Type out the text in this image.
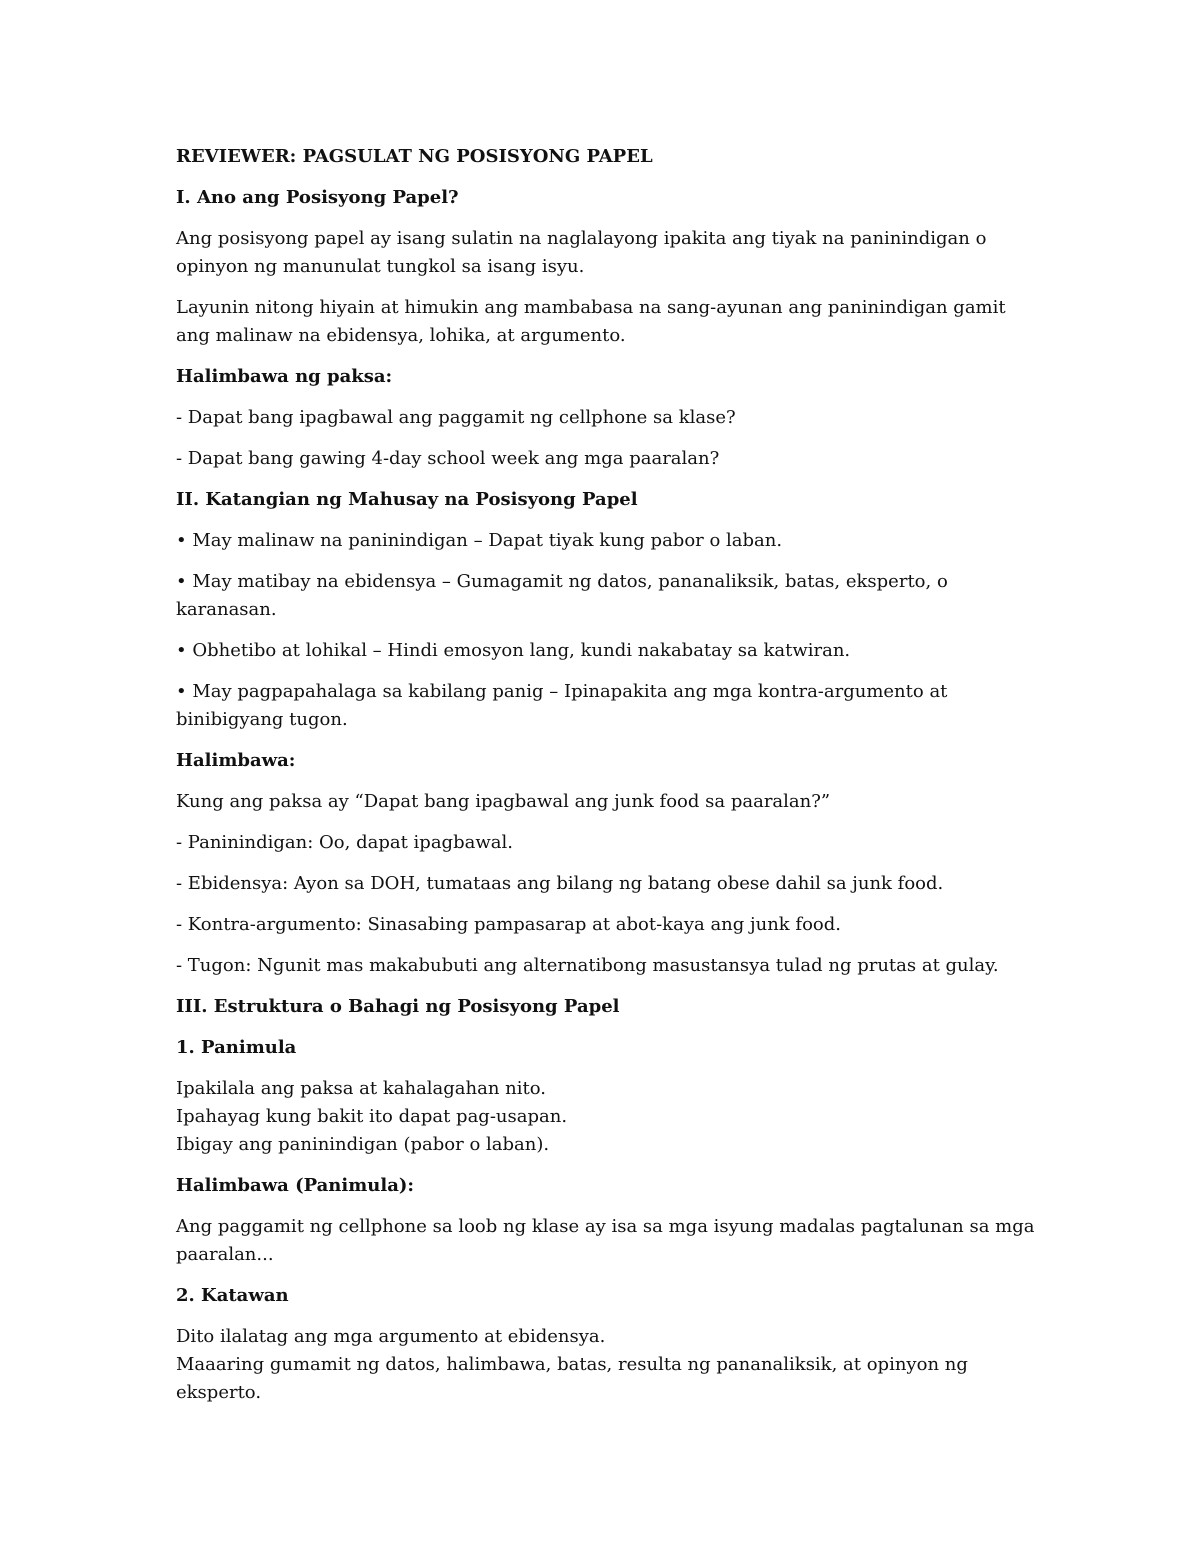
REVIEWER: PAGSULAT NG POSISYONG PAPEL

I. Ano ang Posisyong Papel?

Ang posisyong papel ay isang sulatin na naglalayong ipakita ang tiyak na paninindigan o opinyon ng manunulat tungkol sa isang isyu.

Layunin nitong hiyain at himukin ang mambabasa na sang-ayunan ang paninindigan gamit ang malinaw na ebidensya, lohika, at argumento.

Halimbawa ng paksa:

- Dapat bang ipagbawal ang paggamit ng cellphone sa klase?

- Dapat bang gawing 4-day school week ang mga paaralan?

II. Katangian ng Mahusay na Posisyong Papel

• May malinaw na paninindigan – Dapat tiyak kung pabor o laban.

• May matibay na ebidensya – Gumagamit ng datos, pananaliksik, batas, eksperto, o karanasan.

• Obhetibo at lohikal – Hindi emosyon lang, kundi nakabatay sa katwiran.

• May pagpapahalaga sa kabilang panig – Ipinapakita ang mga kontra-argumento at binibigyang tugon.

Halimbawa:

Kung ang paksa ay “Dapat bang ipagbawal ang junk food sa paaralan?”

- Paninindigan: Oo, dapat ipagbawal.

- Ebidensya: Ayon sa DOH, tumataas ang bilang ng batang obese dahil sa junk food.

- Kontra-argumento: Sinasabing pampasarap at abot-kaya ang junk food.

- Tugon: Ngunit mas makabubuti ang alternatibong masustansya tulad ng prutas at gulay.

III. Estruktura o Bahagi ng Posisyong Papel

1. Panimula

Ipakilala ang paksa at kahalagahan nito.
Ipahayag kung bakit ito dapat pag-usapan.
Ibigay ang paninindigan (pabor o laban).

Halimbawa (Panimula):

Ang paggamit ng cellphone sa loob ng klase ay isa sa mga isyung madalas pagtalunan sa mga paaralan...

2. Katawan

Dito ilalatag ang mga argumento at ebidensya.
Maaaring gumamit ng datos, halimbawa, batas, resulta ng pananaliksik, at opinyon ng eksperto.
